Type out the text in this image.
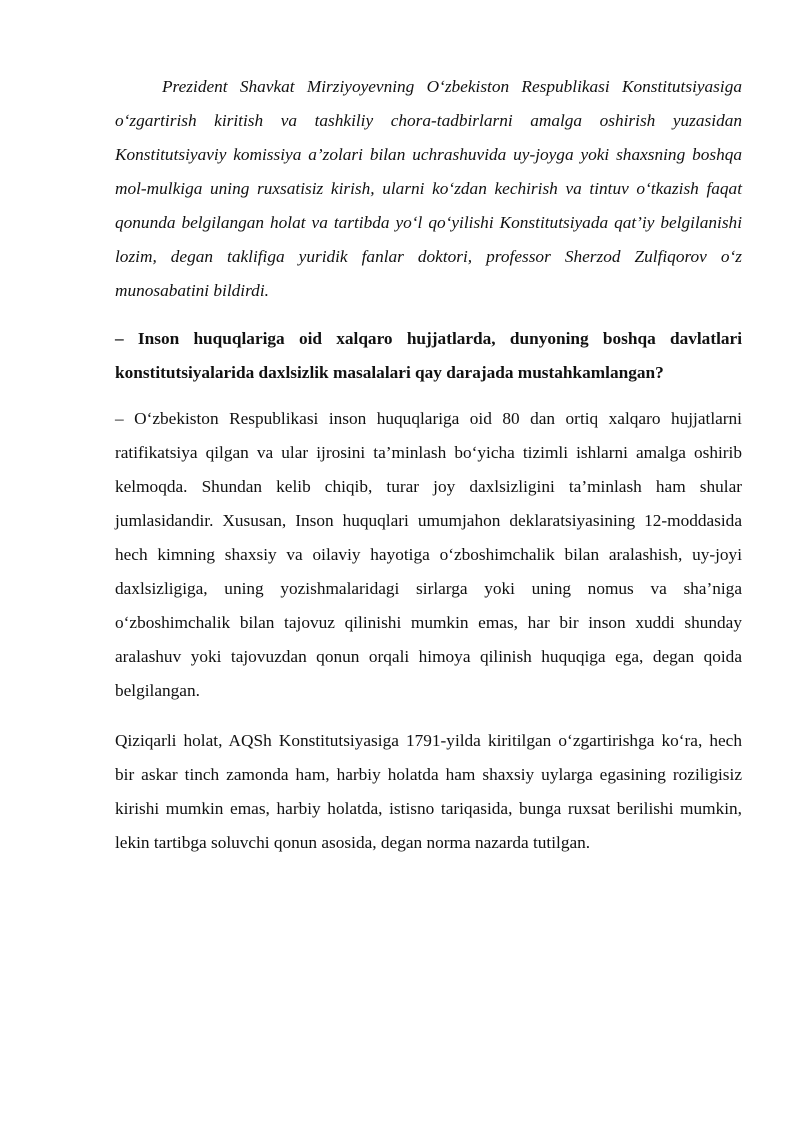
Prezident Shavkat Mirziyoyevning O‘zbekiston Respublikasi Konstitutsiyasiga o‘zgartirish kiritish va tashkiliy chora-tadbirlarni amalga oshirish yuzasidan Konstitutsiyaviy komissiya a’zolari bilan uchrashuvida uy-joyga yoki shaxsning boshqa mol-mulkiga uning ruxsatisiz kirish, ularni ko‘zdan kechirish va tintuv o‘tkazish faqat qonunda belgilangan holat va tartibda yo‘l qo‘yilishi Konstitutsiyada qat’iy belgilanishi lozim, degan taklifiga yuridik fanlar doktori, professor Sherzod Zulfiqorov o‘z munosabatini bildirdi.

– Inson huquqlariga oid xalqaro hujjatlarda, dunyoning boshqa davlatlari konstitutsiyalarida daxlsizlik masalalari qay darajada mustahkamlangan?

– O‘zbekiston Respublikasi inson huquqlariga oid 80 dan ortiq xalqaro hujjatlarni ratifikatsiya qilgan va ular ijrosini ta’minlash bo‘yicha tizimli ishlarni amalga oshirib kelmoqda. Shundan kelib chiqib, turar joy daxlsizligini ta’minlash ham shular jumlasidandir. Xususan, Inson huquqlari umumjahon deklaratsiyasining 12-moddasida hech kimning shaxsiy va oilaviy hayotiga o‘zboshimchalik bilan aralashish, uy-joyi daxlsizligiga, uning yozishmalaridagi sirlarga yoki uning nomus va sha’niga o‘zboshimchalik bilan tajovuz qilinishi mumkin emas, har bir inson xuddi shunday aralashuv yoki tajovuzdan qonun orqali himoya qilinish huquqiga ega, degan qoida belgilangan.

Qiziqarli holat, AQSh Konstitutsiyasiga 1791-yilda kiritilgan o‘zgartirishga ko‘ra, hech bir askar tinch zamonda ham, harbiy holatda ham shaxsiy uylarga egasining roziligisiz kirishi mumkin emas, harbiy holatda, istisno tariqasida, bunga ruxsat berilishi mumkin, lekin tartibga soluvchi qonun asosida, degan norma nazarda tutilgan.
